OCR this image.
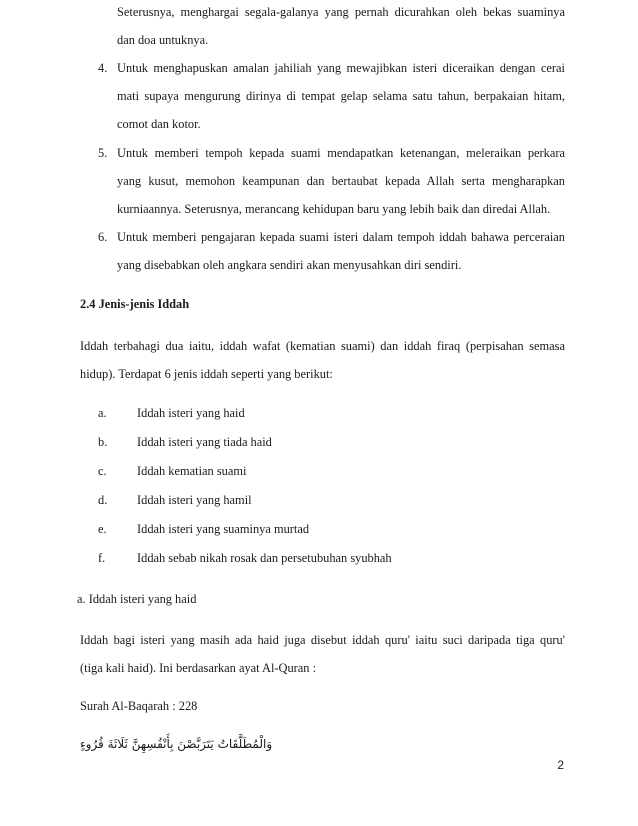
Seterusnya, menghargai segala-galanya yang pernah dicurahkan oleh bekas suaminya
dan doa untuknya.
4. Untuk menghapuskan amalan jahiliah yang mewajibkan isteri diceraikan dengan cerai
mati supaya mengurung dirinya di tempat gelap selama satu tahun, berpakaian hitam,
comot dan kotor.
5. Untuk memberi tempoh kepada suami mendapatkan ketenangan, meleraikan perkara
yang kusut, memohon keampunan dan bertaubat kepada Allah serta mengharapkan
kurniaannya. Seterusnya, merancang kehidupan baru yang lebih baik dan diredai Allah.
6. Untuk memberi pengajaran kepada suami isteri dalam tempoh iddah bahawa perceraian
yang disebabkan oleh angkara sendiri akan menyusahkan diri sendiri.
2.4 Jenis-jenis Iddah
Iddah terbahagi dua iaitu, iddah wafat (kematian suami) dan iddah firaq (perpisahan semasa
hidup). Terdapat 6 jenis iddah seperti yang berikut:
a. Iddah isteri yang haid
b. Iddah isteri yang tiada haid
c. Iddah kematian suami
d. Iddah isteri yang hamil
e. Iddah isteri yang suaminya murtad
f.	Iddah sebab nikah rosak dan persetubuhan syubhah
a. Iddah isteri yang haid
Iddah bagi isteri yang masih ada haid juga disebut iddah quru' iaitu suci daripada tiga quru'
(tiga kali haid). Ini berdasarkan ayat Al-Quran :
Surah Al-Baqarah : 228
وَالْمُطَلَّقَاتُ يَتَرَبَّصْنَ بِأَنْفُسِهِنَّ ثَلَاثَةَ قُرُوءٍ
2
